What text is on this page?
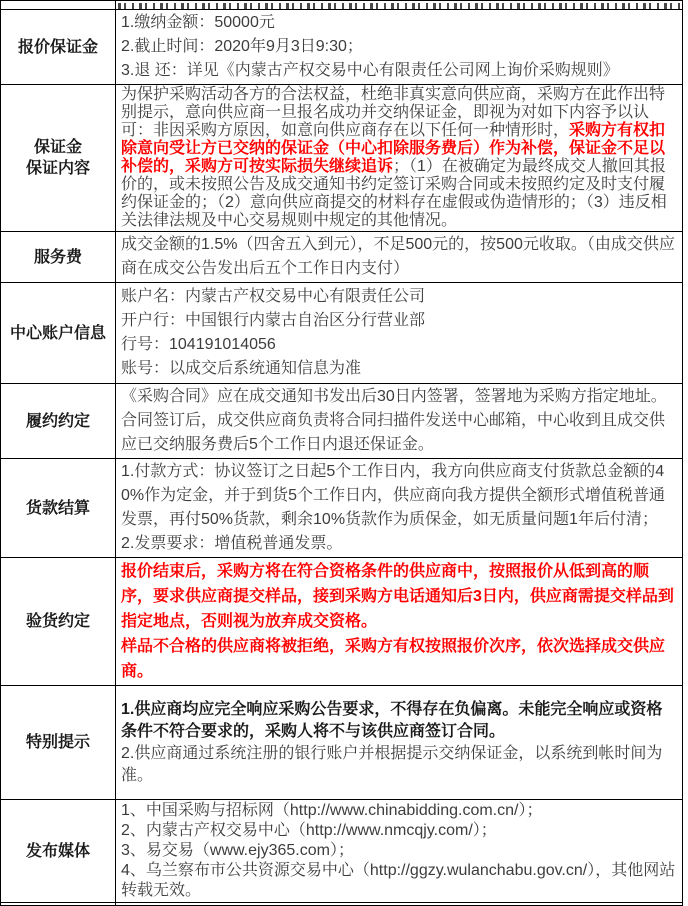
报价保证金	1.缴纳金额：50000元
2.截止时间：2020年9月3日9:30；
3.退 还：详见《内蒙古产权交易中心有限责任公司网上询价采购规则》

保证金
保证内容	为保护采购活动各方的合法权益，杜绝非真实意向供应商，采购方在此作出特别提示，意向供应商一旦报名成功并交纳保证金，即视为对如下内容予以认可：非因采购方原因，如意向供应商存在以下任何一种情形时，采购方有权扣除意向受让方已交纳的保证金（中心扣除服务费后）作为补偿，保证金不足以补偿的，采购方可按实际损失继续追诉；（1）在被确定为最终成交人撤回其报价的，或未按照公告及成交通知书约定签订采购合同或未按照约定及时支付履约保证金的；（2）意向供应商提交的材料存在虚假或伪造情形的；（3）违反相关法律法规及中心交易规则中规定的其他情况。

服务费	成交金额的1.5%（四舍五入到元），不足500元的，按500元收取。（由成交供应商在成交公告发出后五个工作日内支付）

中心账户信息	账户名：内蒙古产权交易中心有限责任公司
开户行：中国银行内蒙古自治区分行营业部
行号：104191014056
账号：以成交后系统通知信息为准

履约约定	《采购合同》应在成交通知书发出后30日内签署，签署地为采购方指定地址。合同签订后，成交供应商负责将合同扫描件发送中心邮箱，中心收到且成交供应已交纳服务费后5个工作日内退还保证金。

货款结算	1.付款方式：协议签订之日起5个工作日内，我方向供应商支付货款总金额的40%作为定金，并于到货5个工作日内，供应商向我方提供全额形式增值税普通发票，再付50%货款，剩余10%货款作为质保金，如无质量问题1年后付清；
2.发票要求：增值税普通发票。

验货约定	报价结束后，采购方将在符合资格条件的供应商中，按照报价从低到高的顺序，要求供应商提交样品，接到采购方电话通知后3日内，供应商需提交样品到指定地点，否则视为放弃成交资格。
样品不合格的供应商将被拒绝，采购方有权按照报价次序，依次选择成交供应商。

特别提示	1.供应商均应完全响应采购公告要求，不得存在负偏离。未能完全响应或资格条件不符合要求的，采购人将不与该供应商签订合同。
2.供应商通过系统注册的银行账户并根据提示交纳保证金，以系统到帐时间为准。

发布媒体	1、中国采购与招标网（http://www.chinabidding.com.cn/）；
2、内蒙古产权交易中心（http://www.nmcqjy.com/）；
3、易交易（www.ejy365.com）；
4、乌兰察布市公共资源交易中心（http://ggzy.wulanchabu.gov.cn/），其他网站转载无效。
